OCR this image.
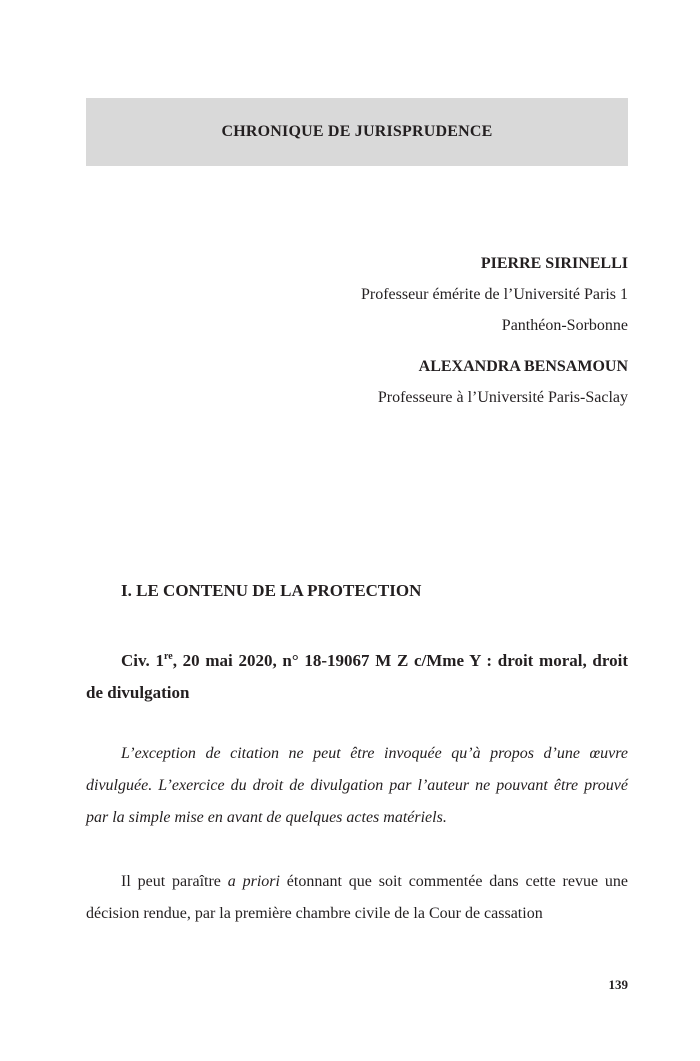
CHRONIQUE DE JURISPRUDENCE
PIERRE SIRINELLI
Professeur émérite de l’Université Paris 1
Panthéon-Sorbonne
ALEXANDRA BENSAMOUN
Professeure à l’Université Paris-Saclay
I. LE CONTENU DE LA PROTECTION
Civ. 1re, 20 mai 2020, n° 18-19067 M Z c/Mme Y : droit moral, droit de divulgation
L’exception de citation ne peut être invoquée qu’à propos d’une œuvre divulguée. L’exercice du droit de divulgation par l’auteur ne pouvant être prouvé par la simple mise en avant de quelques actes matériels.
Il peut paraître a priori étonnant que soit commentée dans cette revue une décision rendue, par la première chambre civile de la Cour de cassation
139
